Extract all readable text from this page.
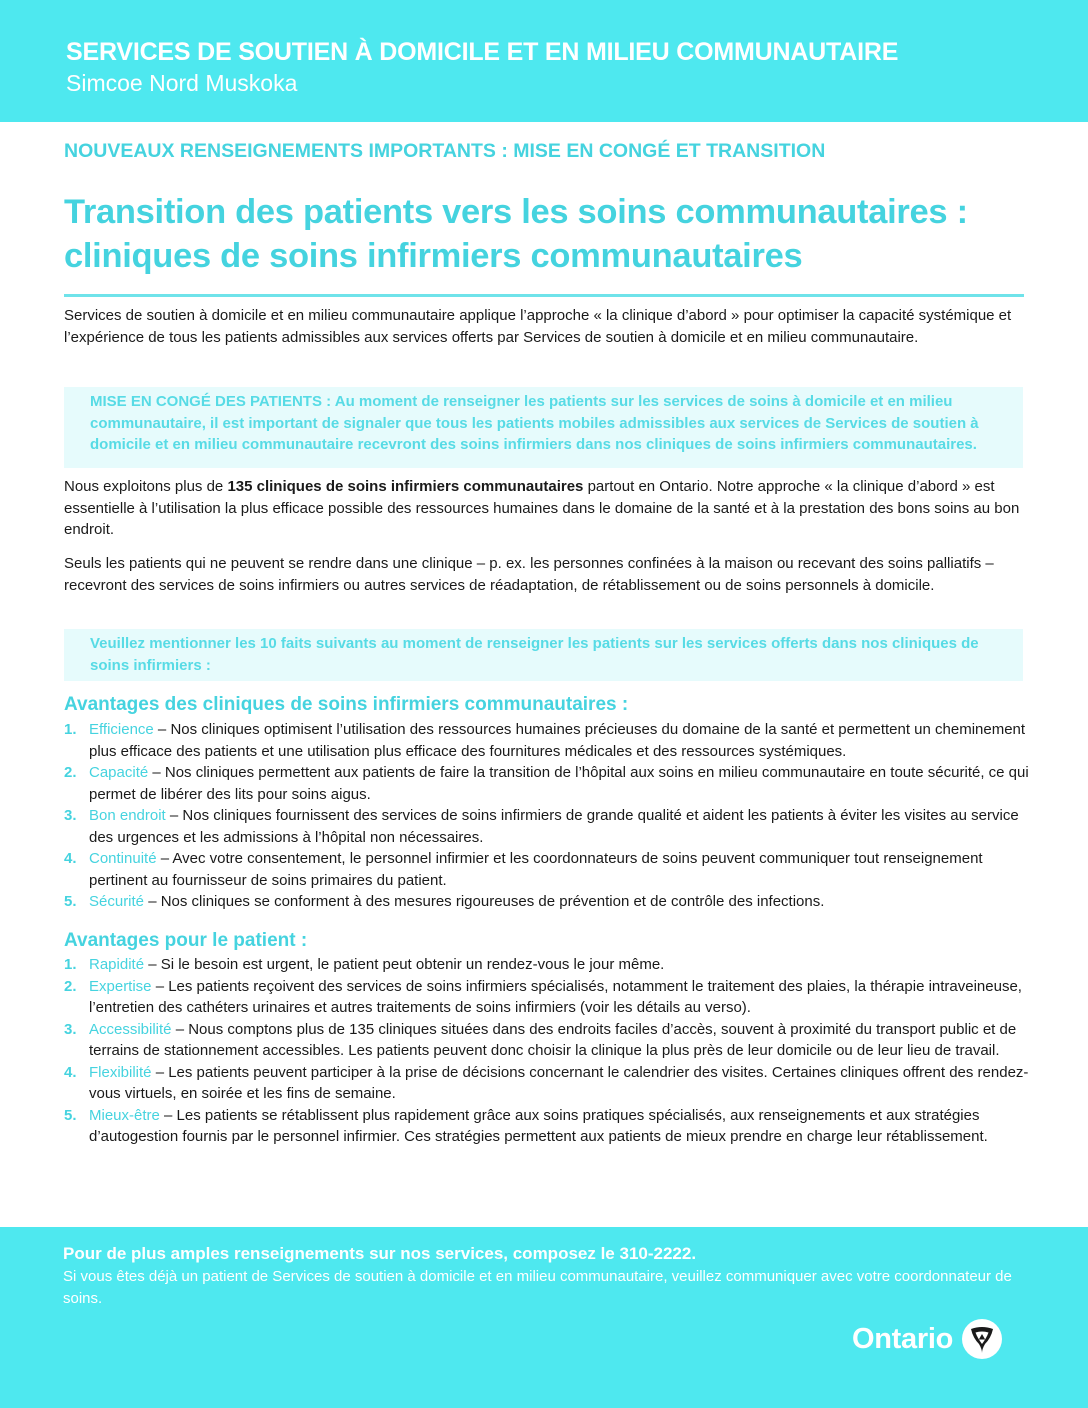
SERVICES DE SOUTIEN À DOMICILE ET EN MILIEU COMMUNAUTAIRE
Simcoe Nord Muskoka
NOUVEAUX RENSEIGNEMENTS IMPORTANTS : MISE EN CONGÉ ET TRANSITION
Transition des patients vers les soins communautaires :
cliniques de soins infirmiers communautaires
Services de soutien à domicile et en milieu communautaire applique l’approche « la clinique d’abord » pour optimiser la capacité systémique et l’expérience de tous les patients admissibles aux services offerts par Services de soutien à domicile et en milieu communautaire.
MISE EN CONGÉ DES PATIENTS : Au moment de renseigner les patients sur les services de soins à domicile et en milieu communautaire, il est important de signaler que tous les patients mobiles admissibles aux services de Services de soutien à domicile et en milieu communautaire recevront des soins infirmiers dans nos cliniques de soins infirmiers communautaires.
Nous exploitons plus de 135 cliniques de soins infirmiers communautaires partout en Ontario. Notre approche « la clinique d’abord » est essentielle à l’utilisation la plus efficace possible des ressources humaines dans le domaine de la santé et à la prestation des bons soins au bon endroit.
Seuls les patients qui ne peuvent se rendre dans une clinique – p. ex. les personnes confinées à la maison ou recevant des soins palliatifs – recevront des services de soins infirmiers ou autres services de réadaptation, de rétablissement ou de soins personnels à domicile.
Veuillez mentionner les 10 faits suivants au moment de renseigner les patients sur les services offerts dans nos cliniques de soins infirmiers :
Avantages des cliniques de soins infirmiers communautaires :
1. Efficience – Nos cliniques optimisent l’utilisation des ressources humaines précieuses du domaine de la santé et permettent un cheminement plus efficace des patients et une utilisation plus efficace des fournitures médicales et des ressources systémiques.
2. Capacité – Nos cliniques permettent aux patients de faire la transition de l’hôpital aux soins en milieu communautaire en toute sécurité, ce qui permet de libérer des lits pour soins aigus.
3. Bon endroit – Nos cliniques fournissent des services de soins infirmiers de grande qualité et aident les patients à éviter les visites au service des urgences et les admissions à l’hôpital non nécessaires.
4. Continuité – Avec votre consentement, le personnel infirmier et les coordonnateurs de soins peuvent communiquer tout renseignement pertinent au fournisseur de soins primaires du patient.
5. Sécurité – Nos cliniques se conforment à des mesures rigoureuses de prévention et de contrôle des infections.
Avantages pour le patient :
1. Rapidité – Si le besoin est urgent, le patient peut obtenir un rendez-vous le jour même.
2. Expertise – Les patients reçoivent des services de soins infirmiers spécialisés, notamment le traitement des plaies, la thérapie intraveineuse, l’entretien des cathéters urinaires et autres traitements de soins infirmiers (voir les détails au verso).
3. Accessibilité – Nous comptons plus de 135 cliniques situées dans des endroits faciles d’accès, souvent à proximité du transport public et de terrains de stationnement accessibles. Les patients peuvent donc choisir la clinique la plus près de leur domicile ou de leur lieu de travail.
4. Flexibilité – Les patients peuvent participer à la prise de décisions concernant le calendrier des visites. Certaines cliniques offrent des rendez-vous virtuels, en soirée et les fins de semaine.
5. Mieux-être – Les patients se rétablissent plus rapidement grâce aux soins pratiques spécialisés, aux renseignements et aux stratégies d’autogestion fournis par le personnel infirmier. Ces stratégies permettent aux patients de mieux prendre en charge leur rétablissement.
Pour de plus amples renseignements sur nos services, composez le 310-2222.
Si vous êtes déjà un patient de Services de soutien à domicile et en milieu communautaire, veuillez communiquer avec votre coordonnateur de soins.
Ontario
